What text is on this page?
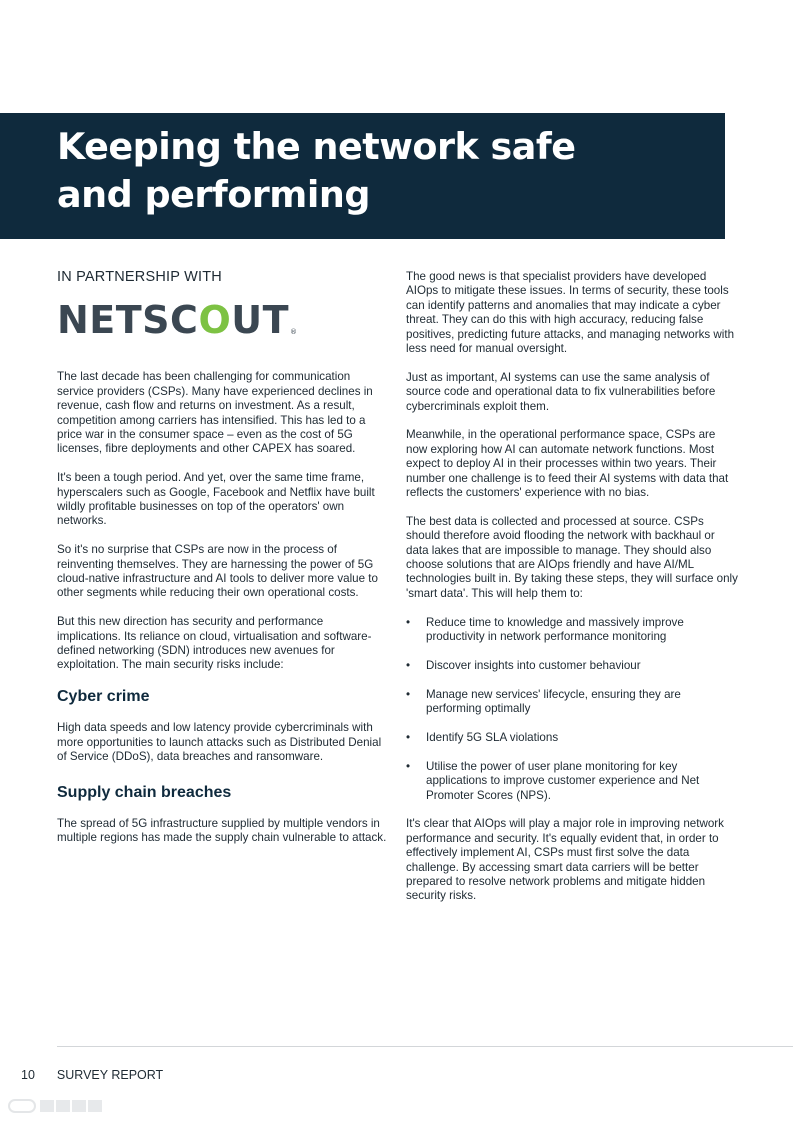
Keeping the network safe
and performing
IN PARTNERSHIP WITH
NETSC O UT ®

The last decade has been challenging for communication service providers (CSPs). Many have experienced declines in revenue, cash flow and returns on investment. As a result, competition among carriers has intensified. This has led to a price war in the consumer space – even as the cost of 5G licenses, fibre deployments and other CAPEX has soared.

It's been a tough period. And yet, over the same time frame, hyperscalers such as Google, Facebook and Netflix have built wildly profitable businesses on top of the operators' own networks.

So it's no surprise that CSPs are now in the process of reinventing themselves. They are harnessing the power of 5G cloud-native infrastructure and AI tools to deliver more value to other segments while reducing their own operational costs.

But this new direction has security and performance implications. Its reliance on cloud, virtualisation and software-defined networking (SDN) introduces new avenues for exploitation. The main security risks include:

Cyber crime

High data speeds and low latency provide cybercriminals with more opportunities to launch attacks such as Distributed Denial of Service (DDoS), data breaches and ransomware.

Supply chain breaches

The spread of 5G infrastructure supplied by multiple vendors in multiple regions has made the supply chain vulnerable to attack.

The good news is that specialist providers have developed AIOps to mitigate these issues. In terms of security, these tools can identify patterns and anomalies that may indicate a cyber threat. They can do this with high accuracy, reducing false positives, predicting future attacks, and managing networks with less need for manual oversight.

Just as important, AI systems can use the same analysis of source code and operational data to fix vulnerabilities before cybercriminals exploit them.

Meanwhile, in the operational performance space, CSPs are now exploring how AI can automate network functions. Most expect to deploy AI in their processes within two years. Their number one challenge is to feed their AI systems with data that reflects the customers' experience with no bias.

The best data is collected and processed at source. CSPs should therefore avoid flooding the network with backhaul or data lakes that are impossible to manage. They should also choose solutions that are AIOps friendly and have AI/ML technologies built in. By taking these steps, they will surface only 'smart data'. This will help them to:

• Reduce time to knowledge and massively improve productivity in network performance monitoring
• Discover insights into customer behaviour
• Manage new services' lifecycle, ensuring they are performing optimally
• Identify 5G SLA violations
• Utilise the power of user plane monitoring for key applications to improve customer experience and Net Promoter Scores (NPS).

It's clear that AIOps will play a major role in improving network performance and security. It's equally evident that, in order to effectively implement AI, CSPs must first solve the data challenge. By accessing smart data carriers will be better prepared to resolve network problems and mitigate hidden security risks.

10 SURVEY REPORT
